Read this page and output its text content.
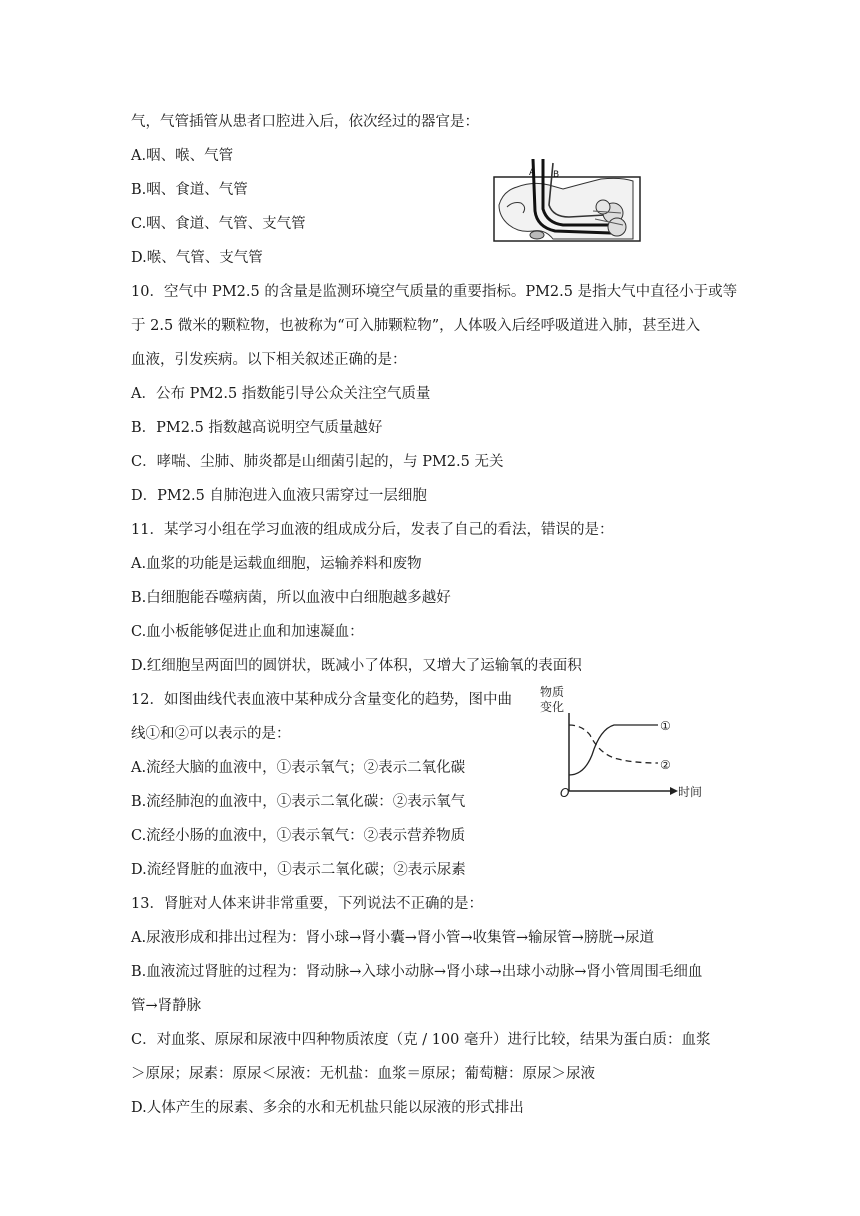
气，气管插管从患者口腔进入后，依次经过的器官是：
A.咽、喉、气管
B.咽、食道、气管
C.咽、食道、气管、支气管
D.喉、气管、支气管
10．空气中 PM2.5 的含量是监测环境空气质量的重要指标。PM2.5 是指大气中直径小于或等
于 2.5 微米的颗粒物，也被称为“可入肺颗粒物”，人体吸入后经呼吸道进入肺，甚至进入
血液，引发疾病。以下相关叙述正确的是：
A．公布 PM2.5 指数能引导公众关注空气质量
B．PM2.5 指数越高说明空气质量越好
C．哮喘、尘肺、肺炎都是山细菌引起的，与 PM2.5 无关
D．PM2.5 自肺泡进入血液只需穿过一层细胞
11．某学习小组在学习血液的组成成分后，发表了自己的看法，错误的是：
A.血浆的功能是运载血细胞，运输养料和废物
B.白细胞能吞噬病菌，所以血液中白细胞越多越好
C.血小板能够促进止血和加速凝血：
D.红细胞呈两面凹的圆饼状，既减小了体积，又增大了运输氧的表面积
12．如图曲线代表血液中某种成分含量变化的趋势，图中曲
线①和②可以表示的是：
A.流经大脑的血液中，①表示氧气；②表示二氧化碳
B.流经肺泡的血液中，①表示二氧化碳：②表示氧气
C.流经小肠的血液中，①表示氧气：②表示营养物质
D.流经肾脏的血液中，①表示二氧化碳；②表示尿素
13．肾脏对人体来讲非常重要，下列说法不正确的是：
A.尿液形成和排出过程为：肾小球→肾小囊→肾小管→收集管→输尿管→膀胱→尿道
B.血液流过肾脏的过程为：肾动脉→入球小动脉→肾小球→出球小动脉→肾小管周围毛细血
管→肾静脉
C．对血浆、原尿和尿液中四种物质浓度（克 / 100 毫升）进行比较，结果为蛋白质：血浆
＞原尿；尿素：原尿＜尿液：无机盐：血浆＝原尿；葡萄糖：原尿＞尿液
D.人体产生的尿素、多余的水和无机盐只能以尿液的形式排出
A B
物质
变化
O	时间
①
②
